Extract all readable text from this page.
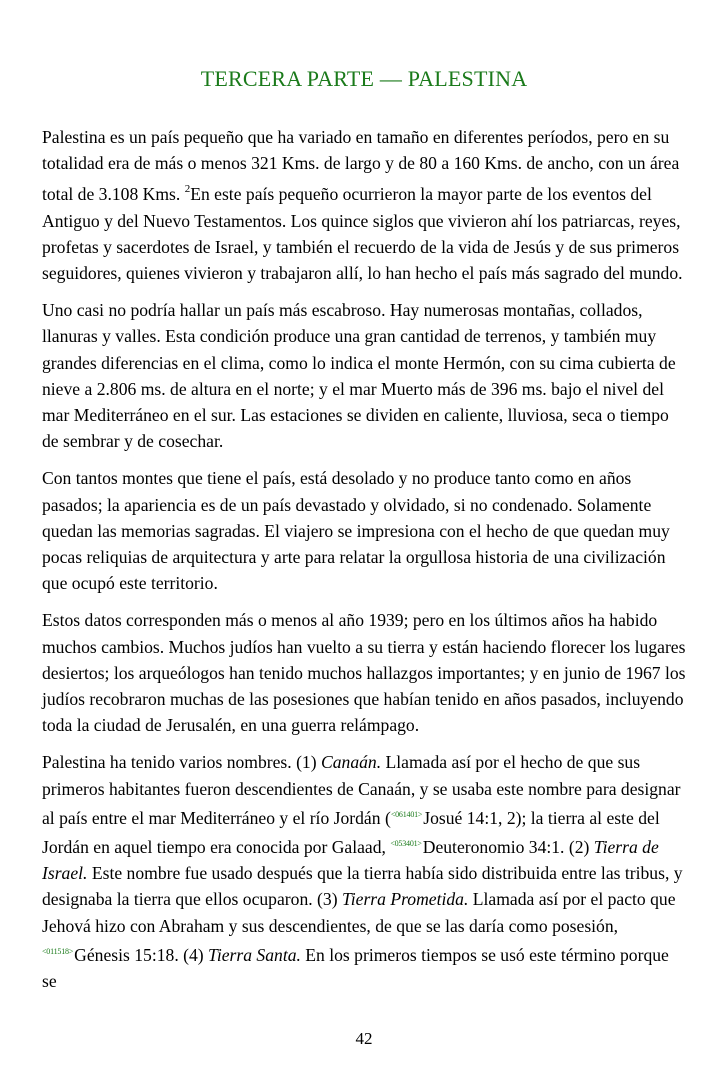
TERCERA PARTE — PALESTINA

Palestina es un país pequeño que ha variado en tamaño en diferentes períodos, pero en su totalidad era de más o menos 321 Kms. de largo y de 80 a 160 Kms. de ancho, con un área total de 3.108 Kms. $^2$En este país pequeño ocurrieron la mayor parte de los eventos del Antiguo y del Nuevo Testamentos. Los quince siglos que vivieron ahí los patriarcas, reyes, profetas y sacerdotes de Israel, y también el recuerdo de la vida de Jesús y de sus primeros seguidores, quienes vivieron y trabajaron allí, lo han hecho el país más sagrado del mundo.

Uno casi no podría hallar un país más escabroso. Hay numerosas montañas, collados, llanuras y valles. Esta condición produce una gran cantidad de terrenos, y también muy grandes diferencias en el clima, como lo indica el monte Hermón, con su cima cubierta de nieve a 2.806 ms. de altura en el norte; y el mar Muerto más de 396 ms. bajo el nivel del mar Mediterráneo en el sur. Las estaciones se dividen en caliente, lluviosa, seca o tiempo de sembrar y de cosechar.

Con tantos montes que tiene el país, está desolado y no produce tanto como en años pasados; la apariencia es de un país devastado y olvidado, si no condenado. Solamente quedan las memorias sagradas. El viajero se impresiona con el hecho de que quedan muy pocas reliquias de arquitectura y arte para relatar la orgullosa historia de una civilización que ocupó este territorio.

Estos datos corresponden más o menos al año 1939; pero en los últimos años ha habido muchos cambios. Muchos judíos han vuelto a su tierra y están haciendo florecer los lugares desiertos; los arqueólogos han tenido muchos hallazgos importantes; y en junio de 1967 los judíos recobraron muchas de las posesiones que habían tenido en años pasados, incluyendo toda la ciudad de Jerusalén, en una guerra relámpago.

Palestina ha tenido varios nombres. (1) Canaán. Llamada así por el hecho de que sus primeros habitantes fueron descendientes de Canaán, y se usaba este nombre para designar al país entre el mar Mediterráneo y el río Jordán ($^{<061401>}$Josué 14:1, 2); la tierra al este del Jordán en aquel tiempo era conocida por Galaad, $^{<053401>}$Deuteronomio 34:1. (2) Tierra de Israel. Este nombre fue usado después que la tierra había sido distribuida entre las tribus, y designaba la tierra que ellos ocuparon. (3) Tierra Prometida. Llamada así por el pacto que Jehová hizo con Abraham y sus descendientes, de que se las daría como posesión, $^{<011518>}$Génesis 15:18. (4) Tierra Santa. En los primeros tiempos se usó este término porque se

42
